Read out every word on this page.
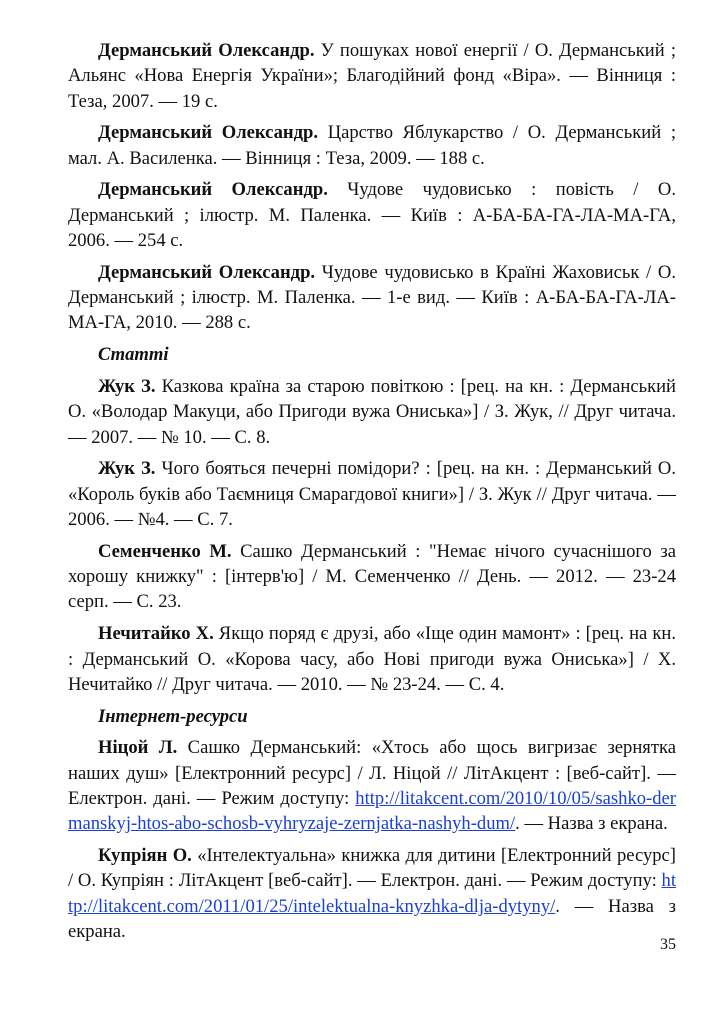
Дерманський Олександр. У пошуках нової енергії / О. Дерманський ; Альянс «Нова Енергія України»; Благодійний фонд «Віра». — Вінниця : Теза, 2007. — 19 с.

Дерманський Олександр. Царство Яблукарство / О. Дерманський ; мал. А. Василенка. — Вінниця : Теза, 2009. — 188 с.

Дерманський Олександр. Чудове чудовисько : повість / О. Дерманський ; ілюстр. М. Паленка. — Київ : А-БА-БА-ГА-ЛА-МА-ГА, 2006. — 254 с.

Дерманський Олександр. Чудове чудовисько в Країні Жаховиськ / О. Дерманський ; ілюстр. М. Паленка. — 1-е вид. — Київ : А-БА-БА-ГА-ЛА-МА-ГА, 2010. — 288 с.

Статті

Жук З. Казкова країна за старою повіткою : [рец. на кн. : Дерманський О. «Володар Макуци, або Пригоди вужа Ониська»] / З. Жук, // Друг читача. — 2007. — № 10. — С. 8.

Жук З. Чого бояться печерні помідори? : [рец. на кн. : Дерманський О. «Король буків або Таємниця Смарагдової книги»] / З. Жук // Друг читача. — 2006. — №4. — С. 7.

Семенченко М. Сашко Дерманський : "Немає нічого сучаснішого за хорошу книжку" : [інтерв'ю] / М. Семенченко // День. — 2012. — 23-24 серп. — С. 23.

Нечитайко Х. Якщо поряд є друзі, або «Іще один мамонт» : [рец. на кн. : Дерманський О. «Корова часу, або Нові пригоди вужа Ониська»] / Х. Нечитайко // Друг читача. — 2010. — № 23-24. — С. 4.

Інтернет-ресурси

Ніцой Л. Сашко Дерманський: «Хтось або щось вигризає зернятка наших душ» [Електронний ресурс] / Л. Ніцой // ЛітАкцент : [веб-сайт]. — Електрон. дані. — Режим доступу: http://litakcent.com/2010/10/05/sashko-dermanskyj-htos-abo-schosb-vyhryzaje-zernjatka-nashyh-dum/. — Назва з екрана.

Купріян О. «Інтелектуальна» книжка для дитини [Електронний ресурс] / О. Купріян : ЛітАкцент [веб-сайт]. — Електрон. дані. — Режим доступу: http://litakcent.com/2011/01/25/intelektualna-knyzhka-dlja-dytyny/. — Назва з екрана.

35
